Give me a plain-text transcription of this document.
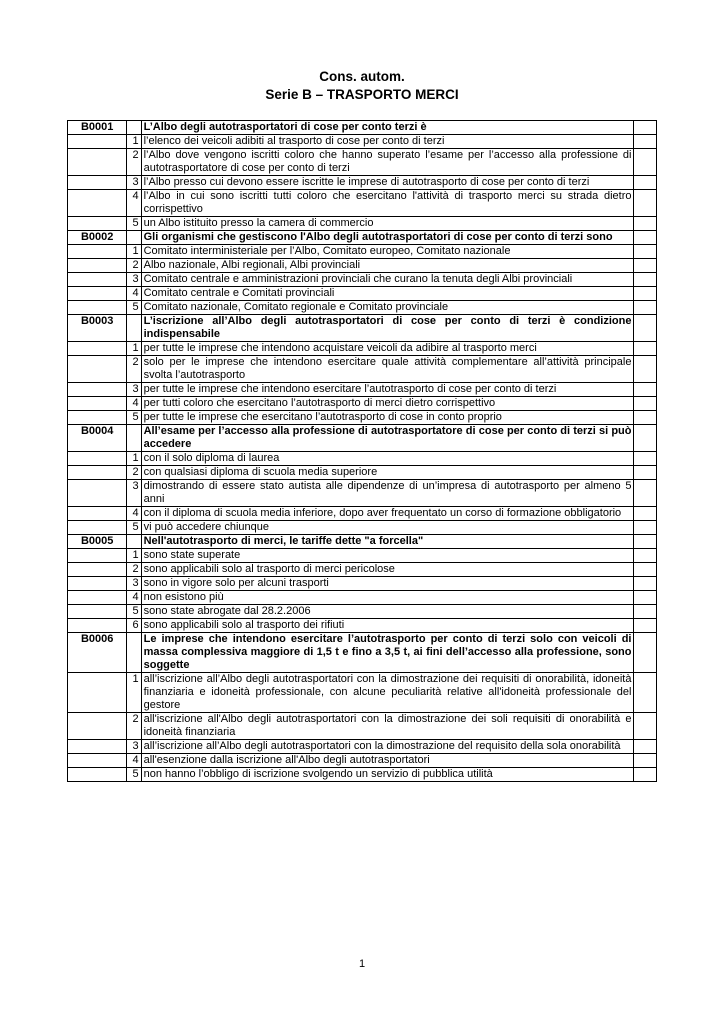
Cons. autom.
Serie B – TRASPORTO MERCI
B0001		L’Albo degli autotrasportatori di cose per conto terzi è	
	1	l’elenco dei veicoli adibiti al trasporto di cose per conto di terzi	
	2	l’Albo dove vengono iscritti coloro che hanno superato l’esame per l’accesso alla professione di autotrasportatore di cose per conto di terzi	
	3	l’Albo presso cui devono essere iscritte le imprese di autotrasporto di cose per conto di terzi	
	4	l’Albo in cui sono iscritti tutti coloro che esercitano l'attività di trasporto merci su strada dietro corrispettivo	
	5	un Albo istituito presso la camera di commercio	
B0002		Gli organismi che gestiscono l'Albo degli autotrasportatori di cose per conto di terzi sono	
	1	Comitato interministeriale per l’Albo, Comitato europeo, Comitato nazionale	
	2	Albo nazionale, Albi regionali, Albi provinciali	
	3	Comitato centrale e amministrazioni provinciali che curano la tenuta degli Albi provinciali	
	4	Comitato centrale e Comitati provinciali	
	5	Comitato nazionale, Comitato regionale e Comitato provinciale	
B0003		L’iscrizione all’Albo degli autotrasportatori di cose per conto di terzi è condizione indispensabile	
	1	per tutte le imprese che intendono acquistare veicoli da adibire al trasporto merci	
	2	solo per le imprese che intendono esercitare quale attività complementare all’attività principale svolta l’autotrasporto	
	3	per tutte le imprese che intendono esercitare l’autotrasporto di cose per conto di terzi	
	4	per tutti coloro che esercitano l’autotrasporto di merci dietro corrispettivo	
	5	per tutte le imprese che esercitano l’autotrasporto di cose in conto proprio	
B0004		All’esame per l’accesso alla professione di autotrasportatore di cose per conto di terzi si può accedere	
	1	con il solo diploma di laurea	
	2	con qualsiasi diploma di scuola media superiore	
	3	dimostrando di essere stato autista alle dipendenze di un’impresa di autotrasporto per almeno 5 anni	
	4	con il diploma di scuola media inferiore, dopo aver frequentato un corso di formazione obbligatorio	
	5	vi può accedere chiunque	
B0005		Nell'autotrasporto di merci, le tariffe dette "a forcella"	
	1	sono state superate	
	2	sono applicabili solo al trasporto di merci pericolose	
	3	sono in vigore solo per alcuni trasporti	
	4	non esistono più	
	5	sono state abrogate dal 28.2.2006	
	6	sono applicabili solo al trasporto dei rifiuti	
B0006		Le imprese che intendono esercitare l’autotrasporto per conto di terzi solo con veicoli di massa complessiva maggiore di 1,5 t e fino a 3,5 t, ai fini dell’accesso alla professione, sono soggette	
	1	all’iscrizione all’Albo degli autotrasportatori con la dimostrazione dei requisiti di onorabilità, idoneità finanziaria e idoneità professionale, con alcune peculiarità relative all'idoneità professionale del gestore	
	2	all'iscrizione all'Albo degli autotrasportatori con la dimostrazione dei soli requisiti di onorabilità e idoneità finanziaria	
	3	all’iscrizione all’Albo degli autotrasportatori con la dimostrazione del requisito della sola onorabilità	
	4	all'esenzione dalla iscrizione all'Albo degli autotrasportatori	
	5	non hanno l’obbligo di iscrizione svolgendo un servizio di pubblica utilità	
1
